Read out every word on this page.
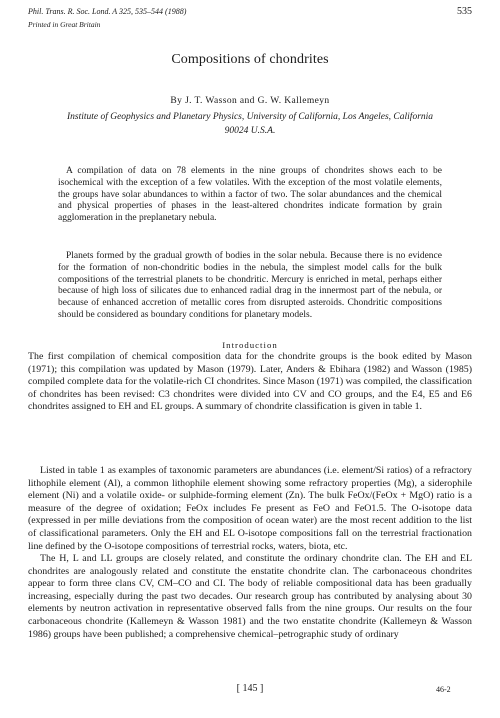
Phil. Trans. R. Soc. Lond. A 325, 535–544 (1988)	535
Printed in Great Britain
Compositions of chondrites
By J. T. Wasson and G. W. Kallemeyn
Institute of Geophysics and Planetary Physics, University of California, Los Angeles, California 90024 U.S.A.

A compilation of data on 78 elements in the nine groups of chondrites shows each to be isochemical with the exception of a few volatiles. With the exception of the most volatile elements, the groups have solar abundances to within a factor of two. The solar abundances and the chemical and physical properties of phases in the least-altered chondrites indicate formation by grain agglomeration in the preplanetary nebula.

Planets formed by the gradual growth of bodies in the solar nebula. Because there is no evidence for the formation of non-chondritic bodies in the nebula, the simplest model calls for the bulk compositions of the terrestrial planets to be chondritic. Mercury is enriched in metal, perhaps either because of high loss of silicates due to enhanced radial drag in the innermost part of the nebula, or because of enhanced accretion of metallic cores from disrupted asteroids. Chondritic compositions should be considered as boundary conditions for planetary models.

Introduction

The first compilation of chemical composition data for the chondrite groups is the book edited by Mason (1971); this compilation was updated by Mason (1979). Later, Anders & Ebihara (1982) and Wasson (1985) compiled complete data for the volatile-rich CI chondrites. Since Mason (1971) was compiled, the classification of chondrites has been revised: C3 chondrites were divided into CV and CO groups, and the E4, E5 and E6 chondrites assigned to EH and EL groups. A summary of chondrite classification is given in table 1.

Listed in table 1 as examples of taxonomic parameters are abundances (i.e. element/Si ratios) of a refractory lithophile element (Al), a common lithophile element showing some refractory properties (Mg), a siderophile element (Ni) and a volatile oxide- or sulphide-forming element (Zn). The bulk FeOx/(FeOx + MgO) ratio is a measure of the degree of oxidation; FeOx includes Fe present as FeO and FeO1.5. The O-isotope data (expressed in per mille deviations from the composition of ocean water) are the most recent addition to the list of classificational parameters. Only the EH and EL O-isotope compositions fall on the terrestrial fractionation line defined by the O-isotope compositions of terrestrial rocks, waters, biota, etc.

The H, L and LL groups are closely related, and constitute the ordinary chondrite clan. The EH and EL chondrites are analogously related and constitute the enstatite chondrite clan. The carbonaceous chondrites appear to form three clans CV, CM–CO and CI. The body of reliable compositional data has been gradually increasing, especially during the past two decades. Our research group has contributed by analysing about 30 elements by neutron activation in representative observed falls from the nine groups. Our results on the four carbonaceous chondrite (Kallemeyn & Wasson 1981) and the two enstatite chondrite (Kallemeyn & Wasson 1986) groups have been published; a comprehensive chemical–petrographic study of ordinary

[ 145 ]	46-2
